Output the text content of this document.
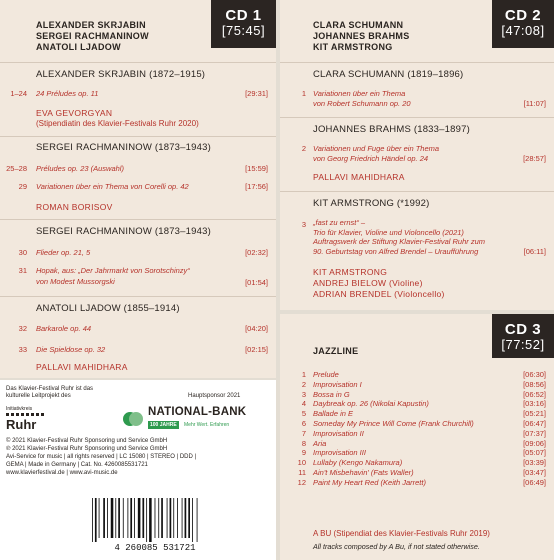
CD 1
[75:45]
ALEXANDER SKRJABIN
SERGEI RACHMANINOW
ANATOLI LJADOW
ALEXANDER SKRJABIN (1872–1915)
1–24 24 Préludes op. 11	[29:31]
EVA GEVORGYAN
(Stipendiatin des Klavier-Festivals Ruhr 2020)
SERGEI RACHMANINOW (1873–1943)
25–28 Préludes op. 23 (Auswahl)	[15:59]
29 Variationen über ein Thema von Corelli op. 42	[17:56]
ROMAN BORISOV
SERGEI RACHMANINOW (1873–1943)
30 Flieder op. 21, 5	[02:32]
31 Hopak, aus: „Der Jahrmarkt von Sorotschinzy“
von Modest Mussorgski	[01:54]
ANATOLI LJADOW (1855–1914)
32 Barkarole op. 44	[04:20]
33 Die Spieldose op. 32	[02:15]
PALLAVI MAHIDHARA
CD 2
[47:08]
CLARA SCHUMANN
JOHANNES BRAHMS
KIT ARMSTRONG
CLARA SCHUMANN (1819–1896)
1 Variationen über ein Thema
von Robert Schumann op. 20	[11:07]
JOHANNES BRAHMS (1833–1897)
2 Variationen und Fuge über ein Thema
von Georg Friedrich Händel op. 24	[28:57]
PALLAVI MAHIDHARA
KIT ARMSTRONG (*1992)
3 „fast zu ernst“ –
Trio für Klavier, Violine und Violoncello (2021)
Auftragswerk der Stiftung Klavier-Festival Ruhr zum
90. Geburtstag von Alfred Brendel – Uraufführung	[06:11]
KIT ARMSTRONG
ANDREJ BIELOW (Violine)
ADRIAN BRENDEL (Violoncello)
CD 3
[77:52]
JAZZLINE
1 Prelude	[06:30]
2 Improvisation I	[08:56]
3 Bossa in G	[06:52]
4 Daybreak op. 26 (Nikolai Kapustin)	[03:16]
5 Ballade in E	[05:21]
6 Someday My Prince Will Come (Frank Churchill)	[06:47]
7 Improvisation II	[07:37]
8 Aria	[09:06]
9 Improvisation III	[05:07]
10 Lullaby (Kengo Nakamura)	[03:39]
11 Ain't Misbehavin' (Fats Waller)	[03:47]
12 Paint My Heart Red (Keith Jarrett)	[06:49]
A BU (Stipendiat des Klavier-Festivals Ruhr 2019)
All tracks composed by A Bu, if not stated otherwise.
Das Klavier-Festival Ruhr ist das
kulturelle Leitprojekt des	Hauptsponsor 2021
Initiativkreis
Ruhr
NATIONAL-BANK
100 JAHRE	Mehr Wert. Erfahren
© 2021 Klavier-Festival Ruhr Sponsoring und Service GmbH
℗ 2021 Klavier-Festival Ruhr Sponsoring und Service GmbH
Avi-Service for music | all rights reserved | LC 15080 | STEREO | DDD |
GEMA | Made in Germany | Cat. No. 4260085531721
www.klavierfestival.de | www.avi-music.de
4 260085 531721
